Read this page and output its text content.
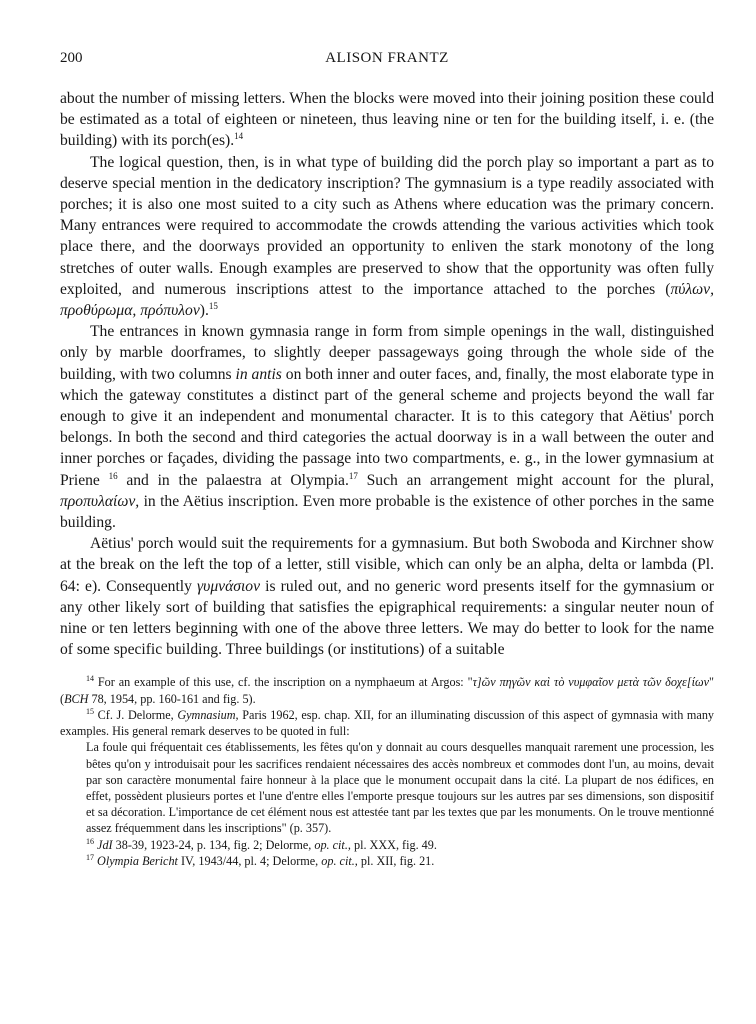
200	ALISON FRANTZ

about the number of missing letters. When the blocks were moved into their joining position these could be estimated as a total of eighteen or nineteen, thus leaving nine or ten for the building itself, i. e. (the building) with its porch(es).$^{14}$

The logical question, then, is in what type of building did the porch play so important a part as to deserve special mention in the dedicatory inscription? The gymnasium is a type readily associated with porches; it is also one most suited to a city such as Athens where education was the primary concern. Many entrances were required to accommodate the crowds attending the various activities which took place there, and the doorways provided an opportunity to enliven the stark monotony of the long stretches of outer walls. Enough examples are preserved to show that the opportunity was often fully exploited, and numerous inscriptions attest to the importance attached to the porches (πύλων, προθύρωμα, πρόπυλον).$^{15}$

The entrances in known gymnasia range in form from simple openings in the wall, distinguished only by marble doorframes, to slightly deeper passageways going through the whole side of the building, with two columns in antis on both inner and outer faces, and, finally, the most elaborate type in which the gateway constitutes a distinct part of the general scheme and projects beyond the wall far enough to give it an independent and monumental character. It is to this category that Aëtius' porch belongs. In both the second and third categories the actual doorway is in a wall between the outer and inner porches or façades, dividing the passage into two compartments, e. g., in the lower gymnasium at Priene $^{16}$ and in the palaestra at Olympia.$^{17}$ Such an arrangement might account for the plural, προπυλαίων, in the Aëtius inscription. Even more probable is the existence of other porches in the same building.

Aëtius' porch would suit the requirements for a gymnasium. But both Swoboda and Kirchner show at the break on the left the top of a letter, still visible, which can only be an alpha, delta or lambda (Pl. 64: e). Consequently γυμνάσιον is ruled out, and no generic word presents itself for the gymnasium or any other likely sort of building that satisfies the epigraphical requirements: a singular neuter noun of nine or ten letters beginning with one of the above three letters. We may do better to look for the name of some specific building. Three buildings (or institutions) of a suitable

$^{14}$ For an example of this use, cf. the inscription on a nymphaeum at Argos: "τ]ῶν πηγῶν καὶ τὸ νυμφαῖον μετὰ τῶν δοχε[ίων" (BCH 78, 1954, pp. 160-161 and fig. 5).

$^{15}$ Cf. J. Delorme, Gymnasium, Paris 1962, esp. chap. XII, for an illuminating discussion of this aspect of gymnasia with many examples. His general remark deserves to be quoted in full:

La foule qui fréquentait ces établissements, les fêtes qu'on y donnait au cours desquelles manquait rarement une procession, les bêtes qu'on y introduisait pour les sacrifices rendaient nécessaires des accès nombreux et commodes dont l'un, au moins, devait par son caractère monumental faire honneur à la place que le monument occupait dans la cité. La plupart de nos édifices, en effet, possèdent plusieurs portes et l'une d'entre elles l'emporte presque toujours sur les autres par ses dimensions, son dispositif et sa décoration. L'importance de cet élément nous est attestée tant par les textes que par les monuments. On le trouve mentionné assez fréquemment dans les inscriptions" (p. 357).

$^{16}$ JdI 38-39, 1923-24, p. 134, fig. 2; Delorme, op. cit., pl. XXX, fig. 49.

$^{17}$ Olympia Bericht IV, 1943/44, pl. 4; Delorme, op. cit., pl. XII, fig. 21.
